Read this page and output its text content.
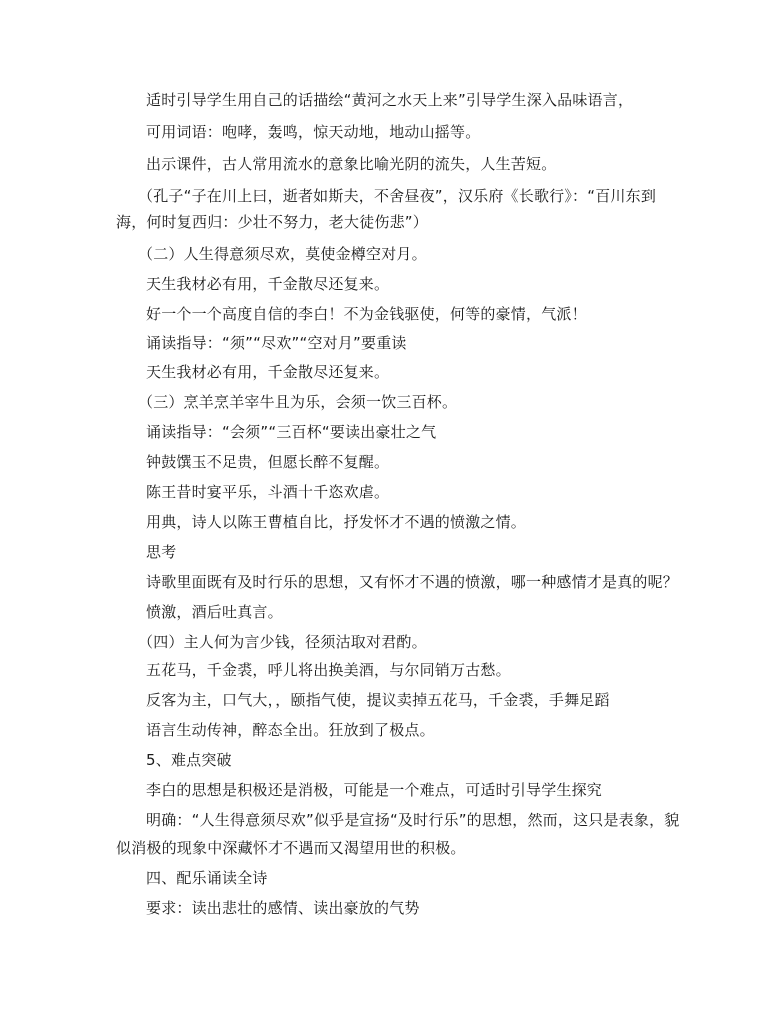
适时引导学生用自己的话描绘“黄河之水天上来”引导学生深入品味语言，
可用词语：咆哮，轰鸣，惊天动地，地动山摇等。
出示课件，古人常用流水的意象比喻光阴的流失，人生苦短。
（孔子“子在川上曰，逝者如斯夫，不舍昼夜”，汉乐府《长歌行》：“百川东到
海，何时复西归：少壮不努力，老大徒伤悲”）
（二）人生得意须尽欢，莫使金樽空对月。
天生我材必有用，千金散尽还复来。
好一个一个高度自信的李白！不为金钱驱使，何等的豪情，气派！
诵读指导：“须”“尽欢”“空对月”要重读
天生我材必有用，千金散尽还复来。
（三）烹羊烹羊宰牛且为乐，会须一饮三百杯。
诵读指导：“会须”“三百杯“要读出豪壮之气
钟鼓馔玉不足贵，但愿长醉不复醒。
陈王昔时宴平乐，斗酒十千恣欢虐。
用典，诗人以陈王曹植自比，抒发怀才不遇的愤激之情。
思考
诗歌里面既有及时行乐的思想，又有怀才不遇的愤激，哪一种感情才是真的呢？
愤激，酒后吐真言。
（四）主人何为言少钱，径须沽取对君酌。
五花马，千金裘，呼儿将出换美酒，与尔同销万古愁。
反客为主，口气大，，颐指气使，提议卖掉五花马，千金裘，手舞足蹈
语言生动传神，醉态全出。狂放到了极点。
5、难点突破
李白的思想是积极还是消极，可能是一个难点，可适时引导学生探究
明确：“人生得意须尽欢”似乎是宣扬“及时行乐”的思想，然而，这只是表象，貌
似消极的现象中深藏怀才不遇而又渴望用世的积极。
四、配乐诵读全诗
要求：读出悲壮的感情、读出豪放的气势
